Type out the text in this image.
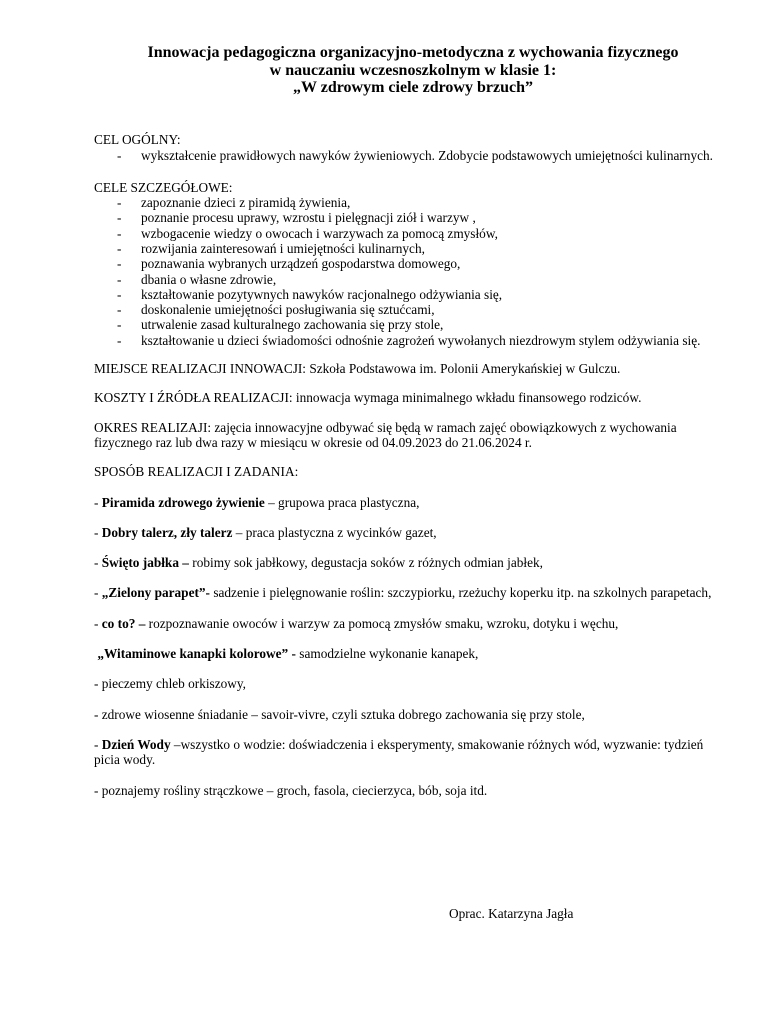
Innowacja pedagogiczna organizacyjno-metodyczna z wychowania fizycznego
w nauczaniu wczesnoszkolnym w klasie 1:
„W zdrowym ciele zdrowy brzuch”
CEL OGÓLNY:
- wykształcenie prawidłowych nawyków żywieniowych. Zdobycie podstawowych umiejętności kulinarnych.
CELE SZCZEGÓŁOWE:
- zapoznanie dzieci z piramidą żywienia,
- poznanie procesu uprawy, wzrostu i pielęgnacji ziół i warzyw ,
- wzbogacenie wiedzy o owocach i warzywach za pomocą zmysłów,
- rozwijania zainteresowań i umiejętności kulinarnych,
- poznawania wybranych urządzeń gospodarstwa domowego,
- dbania o własne zdrowie,
- kształtowanie pozytywnych nawyków racjonalnego odżywiania się,
- doskonalenie umiejętności posługiwania się sztućcami,
- utrwalenie zasad kulturalnego zachowania się przy stole,
- kształtowanie u dzieci świadomości odnośnie zagrożeń wywołanych niezdrowym stylem odżywiania się.

MIEJSCE REALIZACJI INNOWACJI: Szkoła Podstawowa im. Polonii Amerykańskiej w Gulczu.

KOSZTY I ŹRÓDŁA REALIZACJI: innowacja wymaga minimalnego wkładu finansowego rodziców.

OKRES REALIZAJI: zajęcia innowacyjne odbywać się będą w ramach zajęć obowiązkowych z wychowania fizycznego raz lub dwa razy w miesiącu w okresie od 04.09.2023 do 21.06.2024 r.

SPOSÓB REALIZACJI I ZADANIA:

- Piramida zdrowego żywienie – grupowa praca plastyczna,

- Dobry talerz, zły talerz – praca plastyczna z wycinków gazet,

- Święto jabłka – robimy sok jabłkowy, degustacja soków z różnych odmian jabłek,

- „Zielony parapet”- sadzenie i pielęgnowanie roślin: szczypiorku, rzeżuchy koperku itp. na szkolnych parapetach,

- co to? – rozpoznawanie owoców i warzyw za pomocą zmysłów smaku, wzroku, dotyku i węchu,

„Witaminowe kanapki kolorowe” - samodzielne wykonanie kanapek,

- pieczemy chleb orkiszowy,

- zdrowe wiosenne śniadanie – savoir-vivre, czyli sztuka dobrego zachowania się przy stole,

- Dzień Wody –wszystko o wodzie: doświadczenia i eksperymenty, smakowanie różnych wód, wyzwanie: tydzień picia wody.

- poznajemy rośliny strączkowe – groch, fasola, ciecierzyca, bób, soja itd.

Oprac. Katarzyna Jagła
